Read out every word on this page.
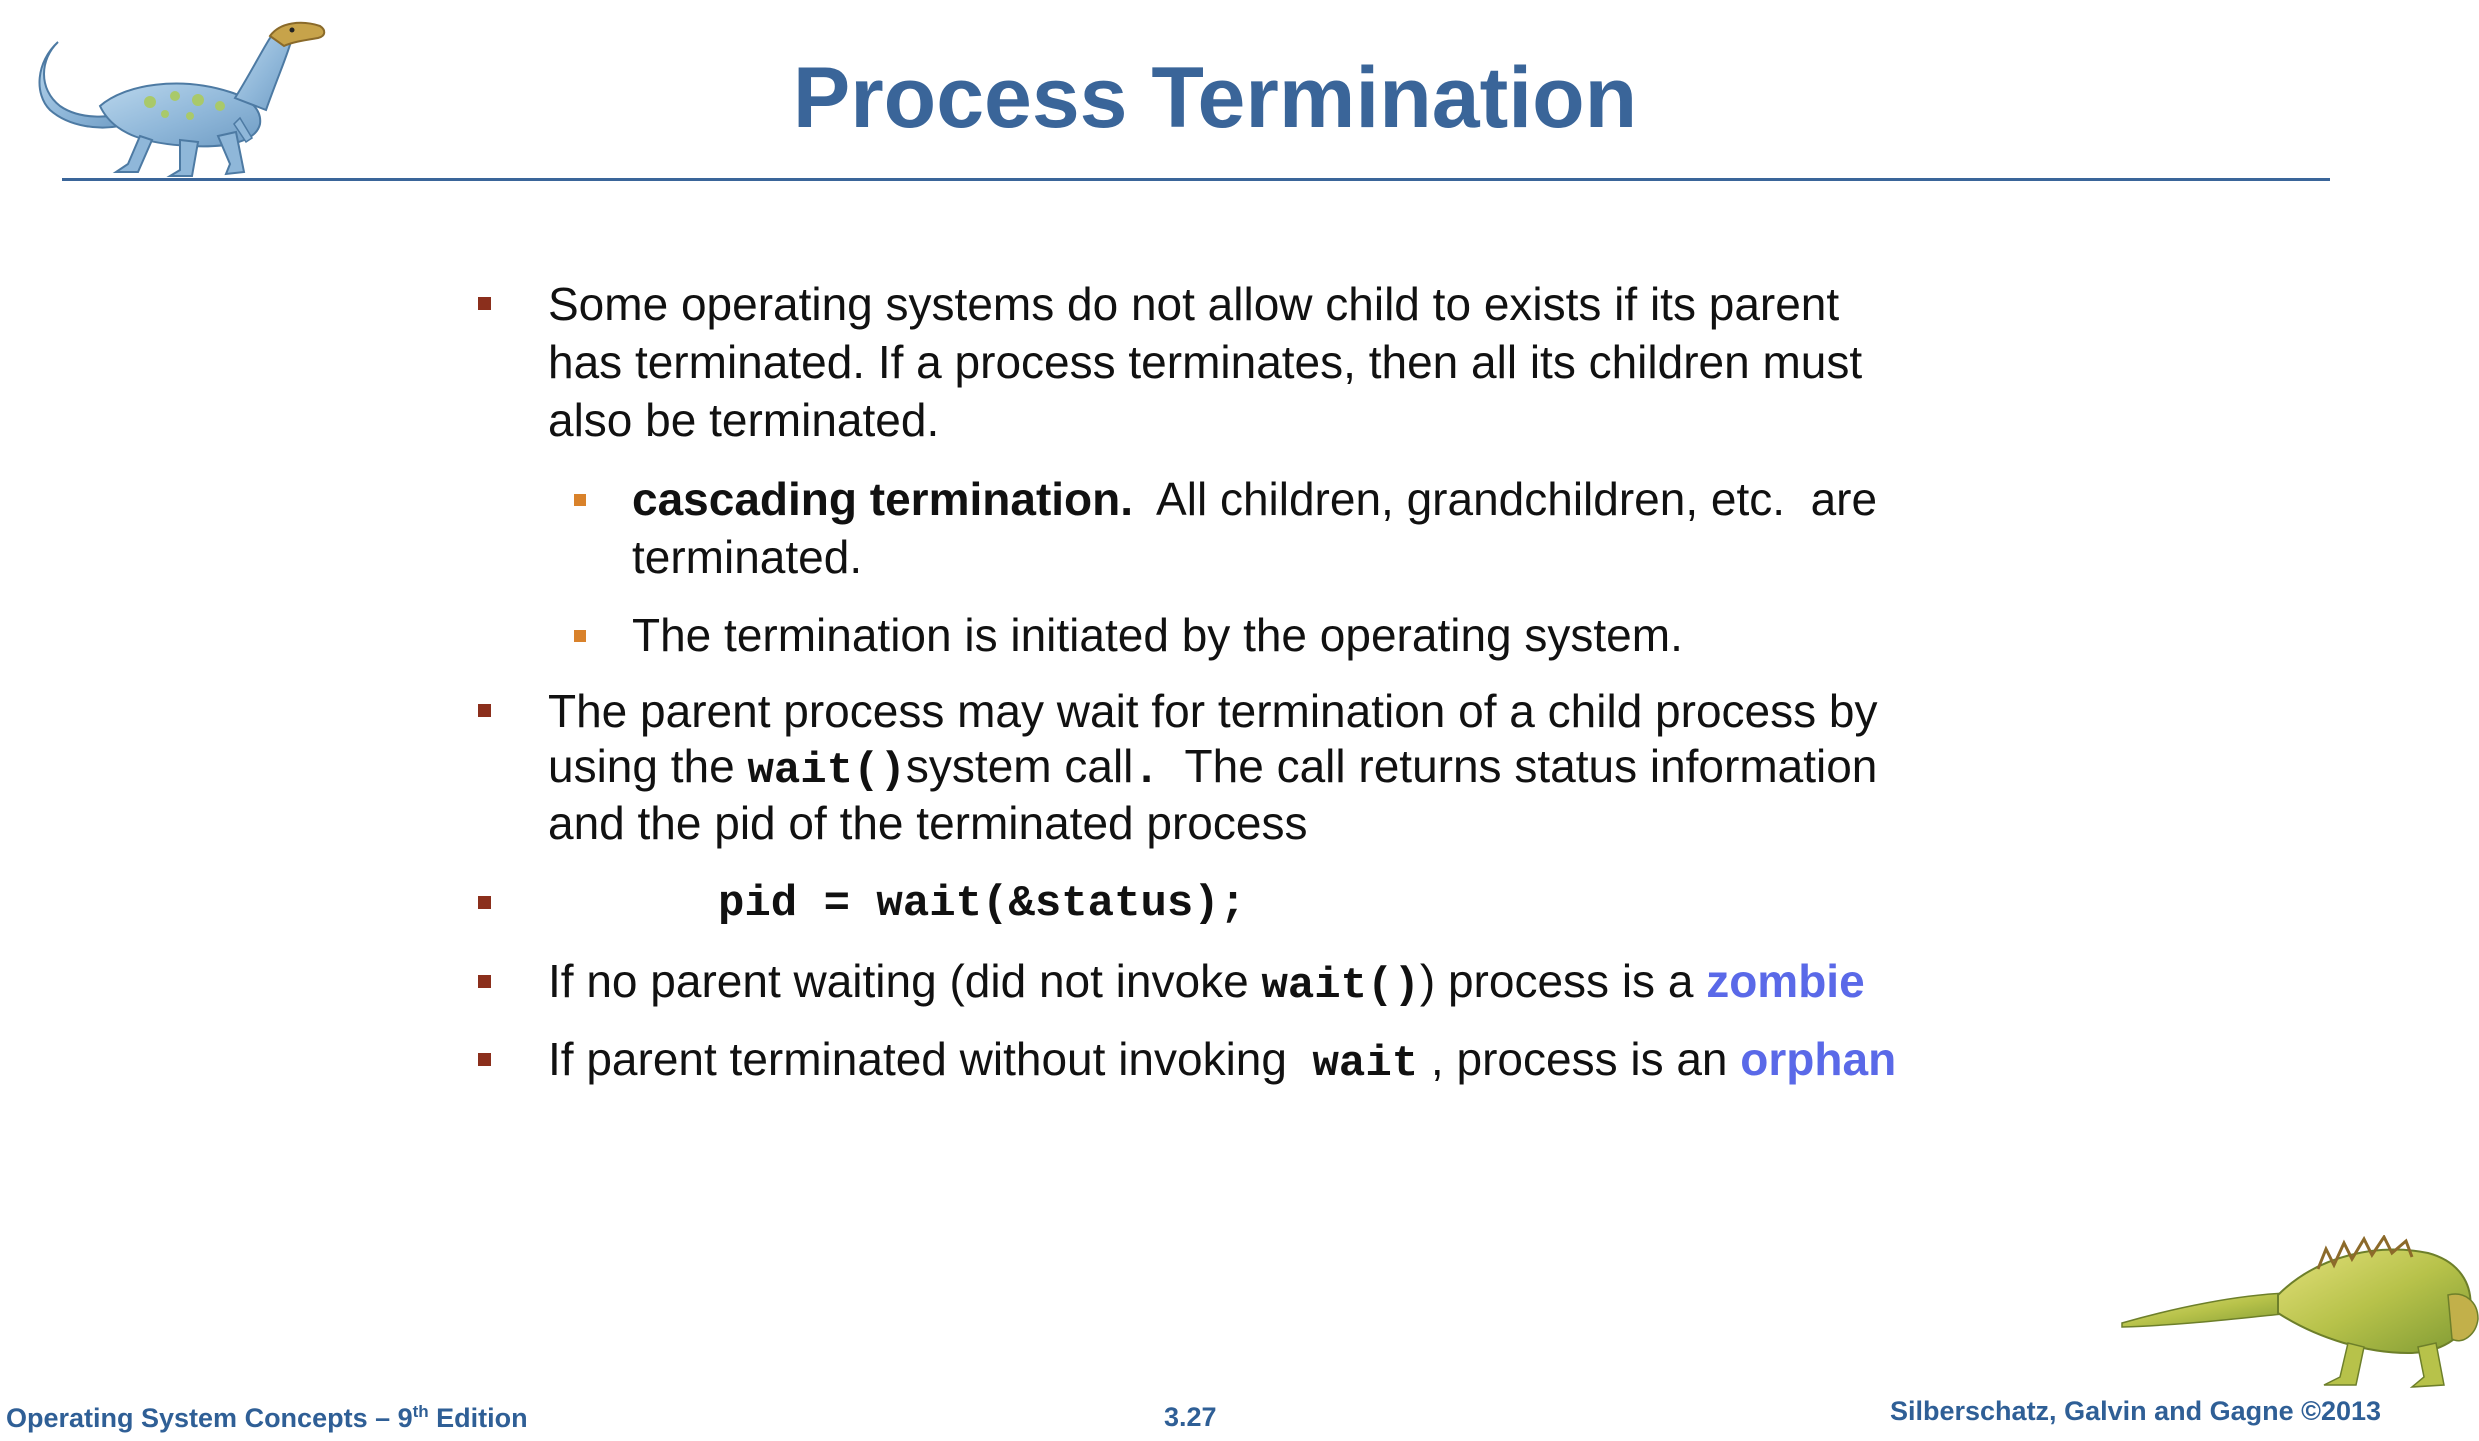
Process Termination
Some operating systems do not allow child to exists if its parent
has terminated. If a process terminates, then all its children must
also be terminated.
cascading termination.  All children, grandchildren, etc.  are
terminated.
The termination is initiated by the operating system.
The parent process may wait for termination of a child process by
using the wait()system call.  The call returns status information
and the pid of the terminated process
pid = wait(&status);
If no parent waiting (did not invoke wait()) process is a zombie
If parent terminated without invoking  wait , process is an orphan
Operating System Concepts – 9th Edition	3.27	Silberschatz, Galvin and Gagne ©2013
